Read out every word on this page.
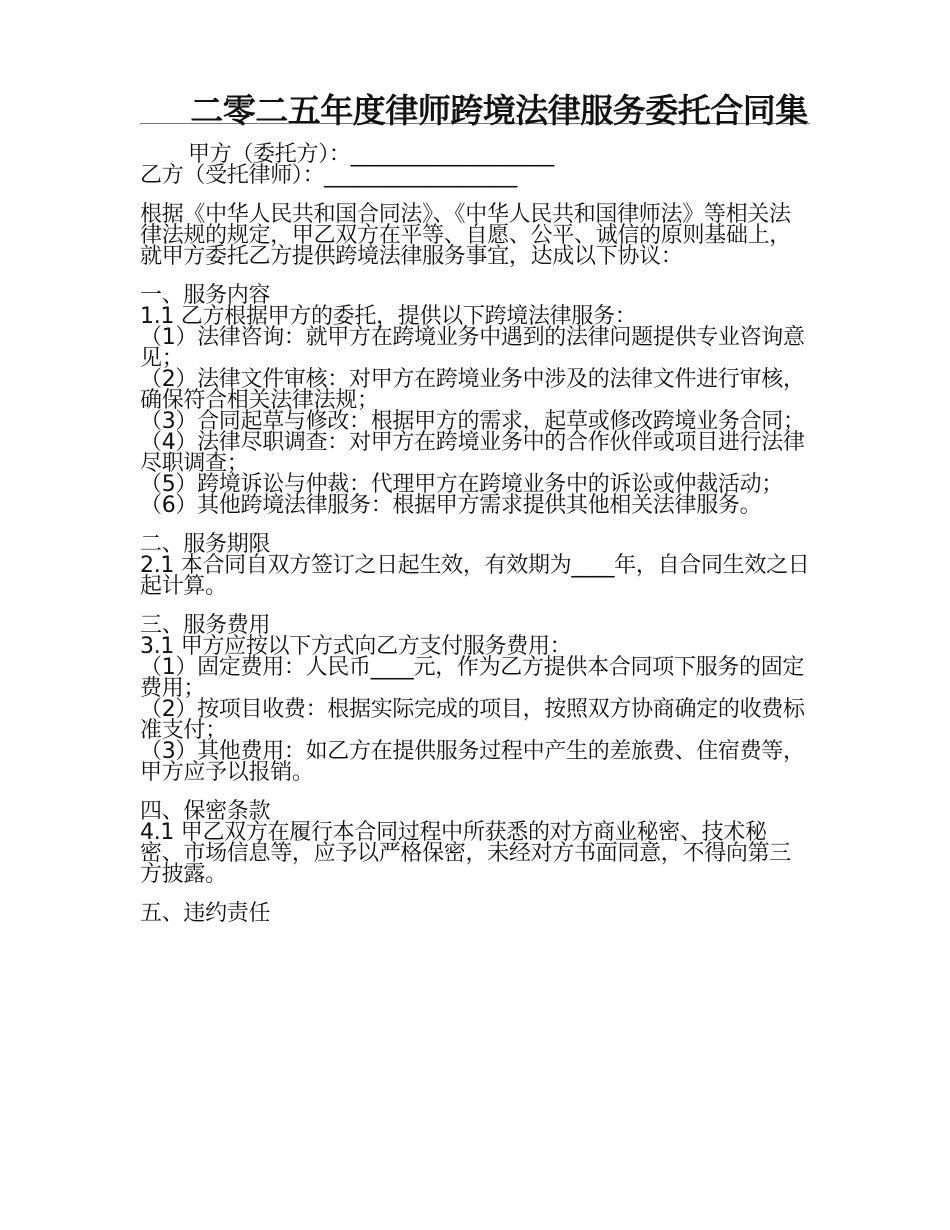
二零二五年度律师跨境法律服务委托合同集

甲方（委托方）：___________________

乙方（受托律师）：__________________

根据《中华人民共和国合同法》、《中华人民共和国律师法》等相关法律法规的规定，甲乙双方在平等、自愿、公平、诚信的原则基础上，就甲方委托乙方提供跨境法律服务事宜，达成以下协议：

一、服务内容

1.1 乙方根据甲方的委托，提供以下跨境法律服务：

（1）法律咨询：就甲方在跨境业务中遇到的法律问题提供专业咨询意见；

（2）法律文件审核：对甲方在跨境业务中涉及的法律文件进行审核，确保符合相关法律法规；

（3）合同起草与修改：根据甲方的需求，起草或修改跨境业务合同；

（4）法律尽职调查：对甲方在跨境业务中的合作伙伴或项目进行法律尽职调查；

（5）跨境诉讼与仲裁：代理甲方在跨境业务中的诉讼或仲裁活动；

（6）其他跨境法律服务：根据甲方需求提供其他相关法律服务。

二、服务期限

2.1 本合同自双方签订之日起生效，有效期为____年，自合同生效之日起计算。

三、服务费用

3.1 甲方应按以下方式向乙方支付服务费用：

（1）固定费用：人民币____元，作为乙方提供本合同项下服务的固定费用；

（2）按项目收费：根据实际完成的项目，按照双方协商确定的收费标准支付；

（3）其他费用：如乙方在提供服务过程中产生的差旅费、住宿费等，甲方应予以报销。

四、保密条款

4.1 甲乙双方在履行本合同过程中所获悉的对方商业秘密、技术秘密、市场信息等，应予以严格保密，未经对方书面同意，不得向第三方披露。

五、违约责任
